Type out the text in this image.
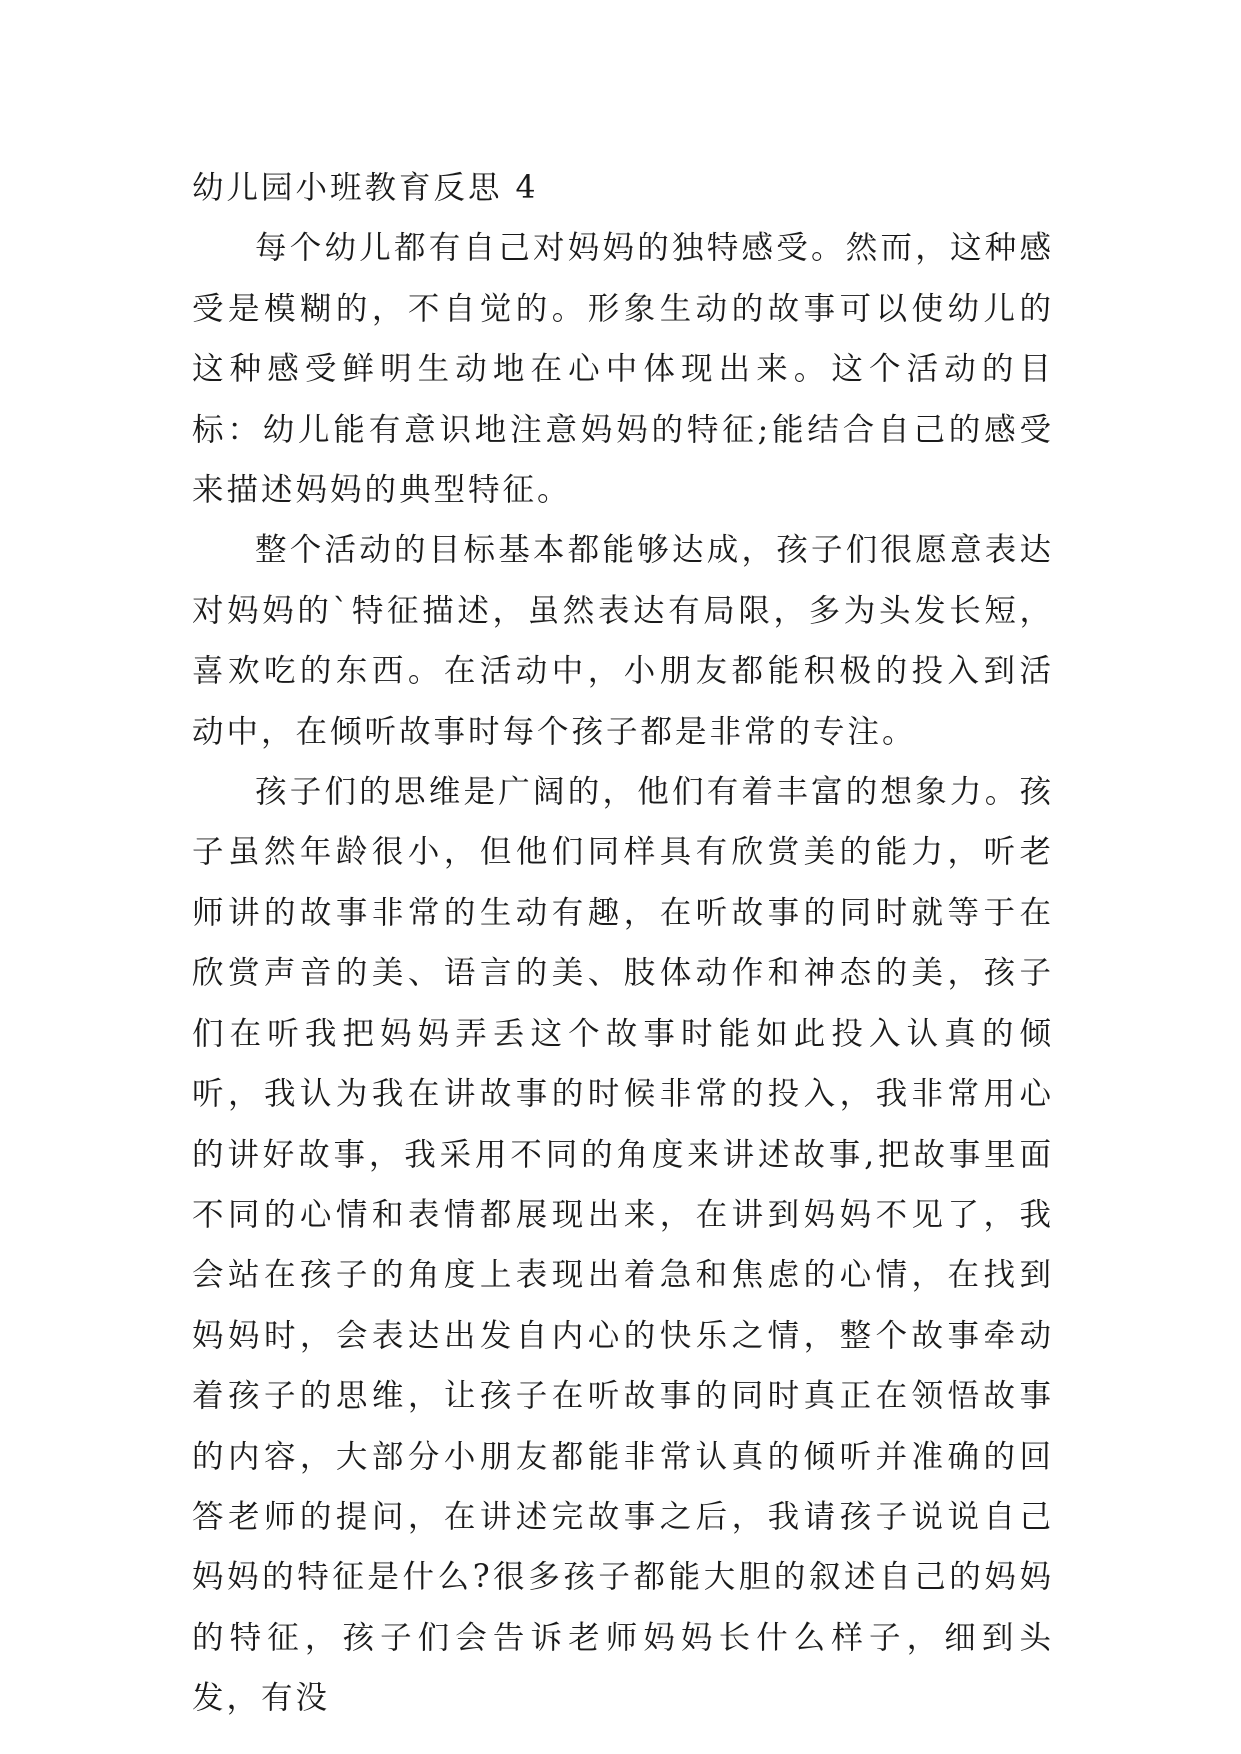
幼儿园小班教育反思 4

每个幼儿都有自己对妈妈的独特感受。然而，这种感受是模糊的，不自觉的。形象生动的故事可以使幼儿的这种感受鲜明生动地在心中体现出来。这个活动的目标：幼儿能有意识地注意妈妈的特征;能结合自己的感受来描述妈妈的典型特征。

整个活动的目标基本都能够达成，孩子们很愿意表达对妈妈的`特征描述，虽然表达有局限，多为头发长短，喜欢吃的东西。在活动中，小朋友都能积极的投入到活动中，在倾听故事时每个孩子都是非常的专注。

孩子们的思维是广阔的，他们有着丰富的想象力。孩子虽然年龄很小，但他们同样具有欣赏美的能力，听老师讲的故事非常的生动有趣，在听故事的同时就等于在欣赏声音的美、语言的美、肢体动作和神态的美，孩子们在听我把妈妈弄丢这个故事时能如此投入认真的倾听，我认为我在讲故事的时候非常的投入，我非常用心的讲好故事，我采用不同的角度来讲述故事,把故事里面不同的心情和表情都展现出来，在讲到妈妈不见了，我会站在孩子的角度上表现出着急和焦虑的心情，在找到妈妈时，会表达出发自内心的快乐之情，整个故事牵动着孩子的思维，让孩子在听故事的同时真正在领悟故事的内容，大部分小朋友都能非常认真的倾听并准确的回答老师的提问，在讲述完故事之后，我请孩子说说自己妈妈的特征是什么?很多孩子都能大胆的叙述自己的妈妈的特征，孩子们会告诉老师妈妈长什么样子，细到头发，有没
